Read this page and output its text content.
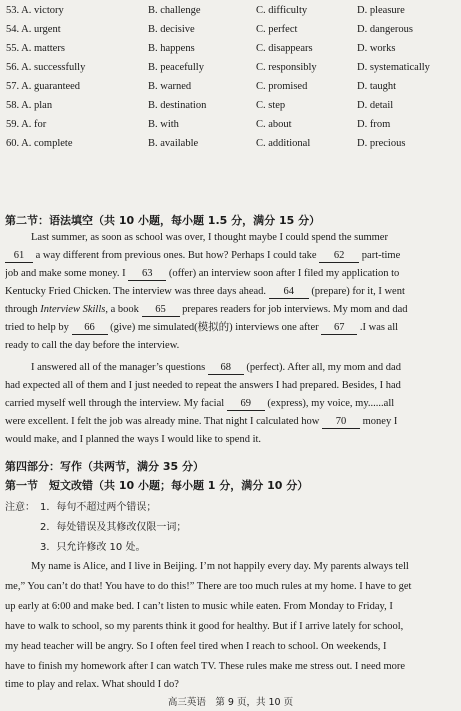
53. A. victory	B. challenge	C. difficulty	D. pleasure
54. A. urgent	B. decisive	C. perfect	D. dangerous
55. A. matters	B. happens	C. disappears	D. works
56. A. successfully	B. peacefully	C. responsibly	D. systematically
57. A. guaranteed	B. warned	C. promised	D. taught
58. A. plan	B. destination	C. step	D. detail
59. A. for	B. with	C. about	D. from
60. A. complete	B. available	C. additional	D. precious
第二节：语法填空（共 10 小题，每小题 1.5 分，满分 15 分）
Last summer, as soon as school was over, I thought maybe I could spend the summer
61 a way different from previous ones. But how? Perhaps I could take 62 part-time
job and make some money. I 63 (offer) an interview soon after I filed my application to
Kentucky Fried Chicken. The interview was three days ahead. 64 (prepare) for it, I went
through Interview Skills, a book 65 prepares readers for job interviews. My mom and dad
tried to help by 66 (give) me simulated(模拟的) interviews one after 67 .I was all
ready to call the day before the interview.
I answered all of the manager’s questions 68 (perfect). After all, my mom and dad
had expected all of them and I just needed to repeat the answers I had prepared. Besides, I had
carried myself well through the interview. My facial 69 (express), my voice, my......all
were excellent. I felt the job was already mine. That night I calculated how 70 money I
would make, and I planned the ways I would like to spend it.
第四部分：写作（共两节，满分 35 分）
第一节　短文改错（共 10 小题；每小题 1 分，满分 10 分）
注意： 1．每句不超过两个错误；
2．每处错误及其修改仅限一词；
3．只允许修改 10 处。
My name is Alice, and I live in Beijing. I’m not happily every day. My parents always tell
me,” You can’t do that! You have to do this!” There are too much rules at my home. I have to get
up early at 6:00 and make bed. I can’t listen to music while eaten. From Monday to Friday, I
have to walk to school, so my parents think it good for healthy. But if I arrive lately for school,
my head teacher will be angry. So I often feel tired when I reach to school. On weekends, I
have to finish my homework after I can watch TV. These rules make me stress out. I need more
time to play and relax. What should I do?
高三英语　第 9 页，共 10 页
